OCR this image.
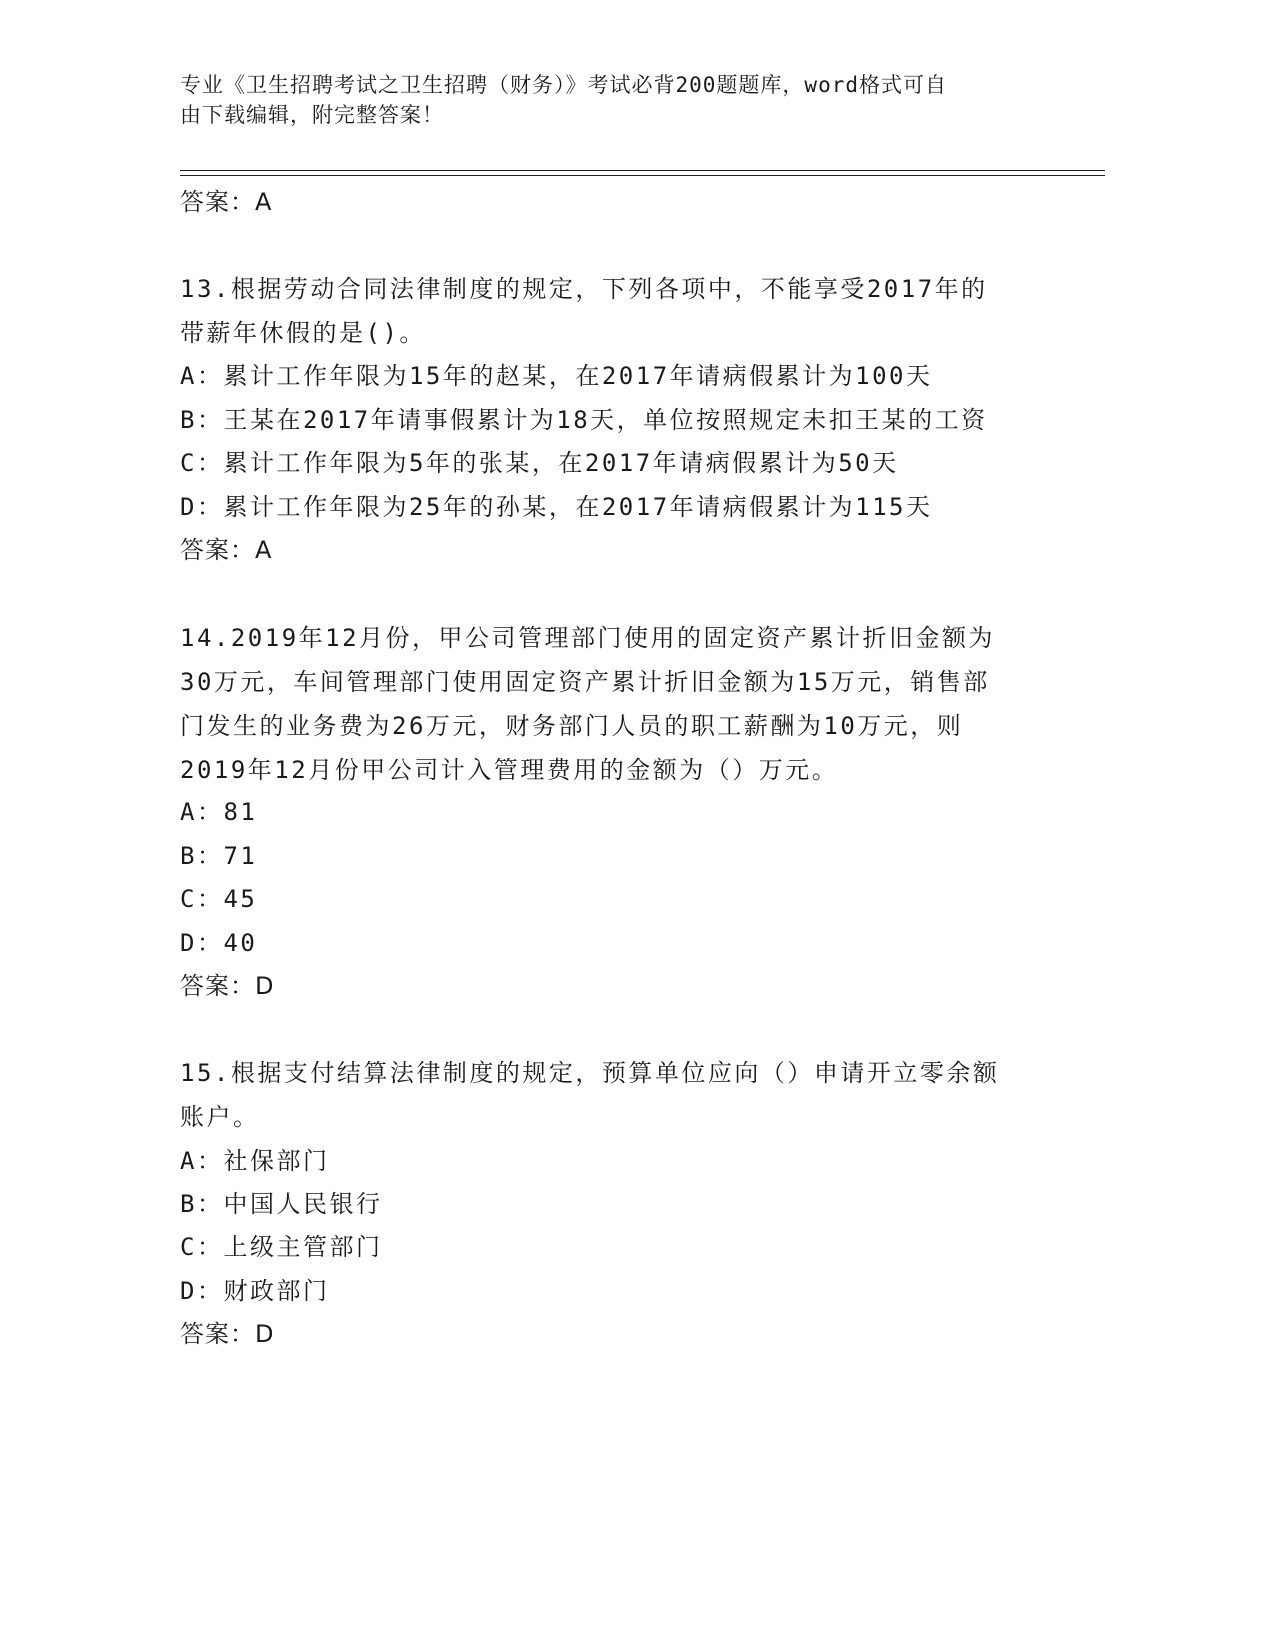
专业《卫生招聘考试之卫生招聘（财务）》考试必背200题题库，word格式可自
由下载编辑，附完整答案！
答案：A
13.根据劳动合同法律制度的规定，下列各项中，不能享受2017年的
带薪年休假的是()。
A：累计工作年限为15年的赵某，在2017年请病假累计为100天
B：王某在2017年请事假累计为18天，单位按照规定未扣王某的工资
C：累计工作年限为5年的张某，在2017年请病假累计为50天
D：累计工作年限为25年的孙某，在2017年请病假累计为115天
答案：A
14.2019年12月份，甲公司管理部门使用的固定资产累计折旧金额为
30万元，车间管理部门使用固定资产累计折旧金额为15万元，销售部
门发生的业务费为26万元，财务部门人员的职工薪酬为10万元，则
2019年12月份甲公司计入管理费用的金额为（）万元。
A：81
B：71
C：45
D：40
答案：D
15.根据支付结算法律制度的规定，预算单位应向（）申请开立零余额
账户。
A：社保部门
B：中国人民银行
C：上级主管部门
D：财政部门
答案：D
